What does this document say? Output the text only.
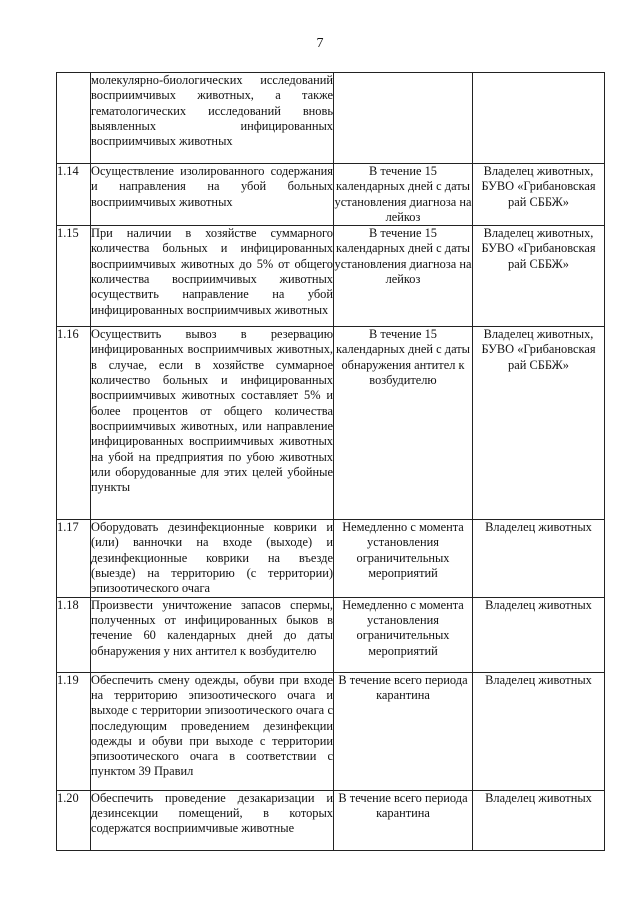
7

	молекулярно-биологических исследований восприимчивых животных, а также гематологических исследований вновь выявленных инфицированных восприимчивых животных		

1.14	Осуществление изолированного содержания и направления на убой больных восприимчивых животных	В течение 15 календарных дней с даты установления диагноза на лейкоз	Владелец животных, БУВО «Грибановская рай СББЖ»
1.15	При наличии в хозяйстве суммарного количества больных и инфицированных восприимчивых животных до 5% от общего количества восприимчивых животных осуществить направление на убой инфицированных восприимчивых животных	В течение 15 календарных дней с даты установления диагноза на лейкоз	Владелец животных, БУВО «Грибановская рай СББЖ»
1.16	Осуществить вывоз в резервацию инфицированных восприимчивых животных, в случае, если в хозяйстве суммарное количество больных и инфицированных восприимчивых животных составляет 5% и более процентов от общего количества восприимчивых животных, или направление инфицированных восприимчивых животных на убой на предприятия по убою животных или оборудованные для этих целей убойные пункты	В течение 15 календарных дней с даты обнаружения антител к возбудителю	Владелец животных, БУВО «Грибановская рай СББЖ»
1.17	Оборудовать дезинфекционные коврики и (или) ванночки на входе (выходе) и дезинфекционные коврики на въезде (выезде) на территорию (с территории) эпизоотического очага	Немедленно с момента установления ограничительных мероприятий	Владелец животных
1.18	Произвести уничтожение запасов спермы, полученных от инфицированных быков в течение 60 календарных дней до даты обнаружения у них антител к возбудителю	Немедленно с момента установления ограничительных мероприятий	Владелец животных
1.19	Обеспечить смену одежды, обуви при входе на территорию эпизоотического очага и выходе с территории эпизоотического очага с последующим проведением дезинфекции одежды и обуви при выходе с территории эпизоотического очага в соответствии с пунктом 39 Правил	В течение всего периода карантина	Владелец животных
1.20	Обеспечить проведение дезакаризации и дезинсекции помещений, в которых содержатся восприимчивые животные	В течение всего периода карантина	Владелец животных
